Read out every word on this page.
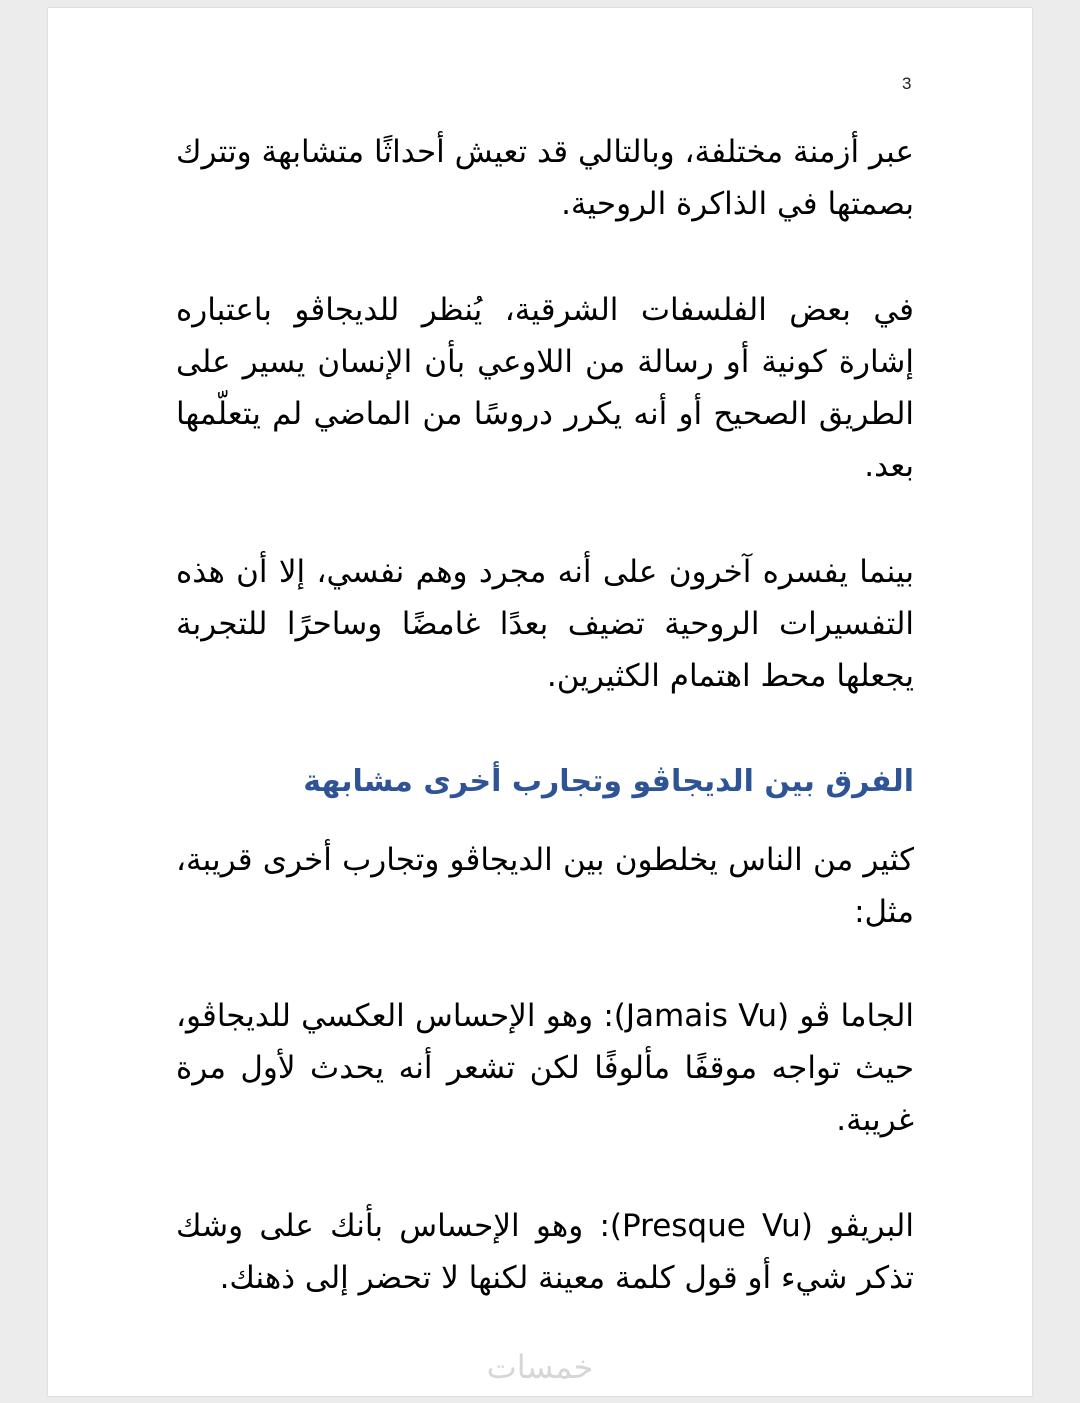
3

عبر أزمنة مختلفة، وبالتالي قد تعيش أحداثًا متشابهة وتترك بصمتها في الذاكرة الروحية.

في بعض الفلسفات الشرقية، يُنظر للديجاڤو باعتباره إشارة كونية أو رسالة من اللاوعي بأن الإنسان يسير على الطريق الصحيح أو أنه يكرر دروسًا من الماضي لم يتعلّمها بعد.

بينما يفسره آخرون على أنه مجرد وهم نفسي، إلا أن هذه التفسيرات الروحية تضيف بعدًا غامضًا وساحرًا للتجربة يجعلها محط اهتمام الكثيرين.

الفرق بين الديجاڤو وتجارب أخرى مشابهة

كثير من الناس يخلطون بين الديجاڤو وتجارب أخرى قريبة، مثل:

الجاما ڤو (Jamais Vu): وهو الإحساس العكسي للديجاڤو، حيث تواجه موقفًا مألوفًا لكن تشعر أنه يحدث لأول مرة غريبة.

البريڤو (Presque Vu): وهو الإحساس بأنك على وشك تذكر شيء أو قول كلمة معينة لكنها لا تحضر إلى ذهنك.

خمسات
